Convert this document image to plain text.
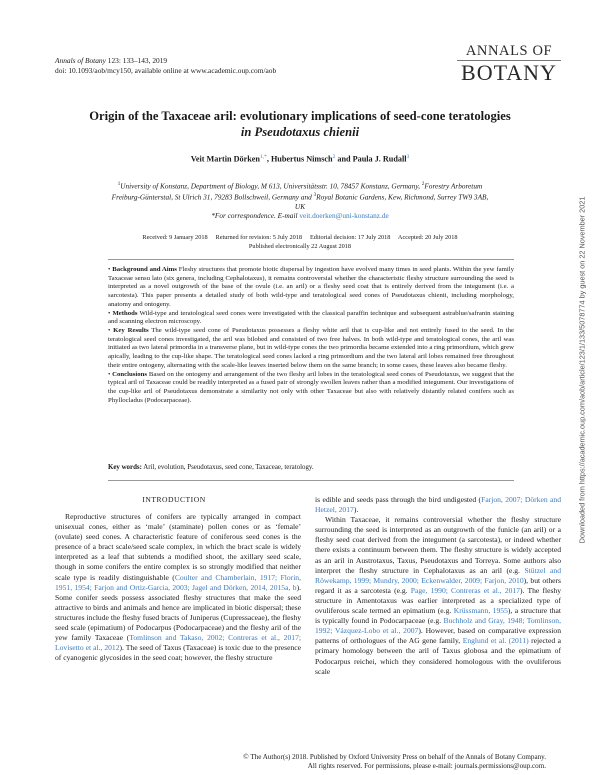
Annals of Botany 123: 133–143, 2019
doi: 10.1093/aob/mcy150, available online at www.academic.oup.com/aob
ANNALS OF
BOTANY
Origin of the Taxaceae aril: evolutionary implications of seed-cone teratologies
in Pseudotaxus chienii
Veit Martin Dörken$^{1,*}$, Hubertus Nimsch$^2$ and Paula J. Rudall$^3$
$^1$University of Konstanz, Department of Biology, M 613, Universitätsstr. 10, 78457 Konstanz, Germany, $^2$Forestry Arboretum
Freiburg-Günterstal, St Ulrich 31, 79283 Bollschweil, Germany and $^3$Royal Botanic Gardens, Kew, Richmond, Surrey TW9 3AB,
UK
*For correspondence. E-mail veit.doerken@uni-konstanz.de
Received: 9 January 2018     Returned for revision: 5 July 2018     Editorial decision: 17 July 2018     Accepted: 20 July 2018
Published electronically 22 August 2018

• Background and Aims Fleshy structures that promote biotic dispersal by ingestion have evolved many times in seed plants. Within the yew family Taxaceae sensu lato (six genera, including Cephalotaxus), it remains controversial whether the characteristic fleshy structure surrounding the seed is interpreted as a novel outgrowth of the base of the ovule (i.e. an aril) or a fleshy seed coat that is entirely derived from the integument (i.e. a sarcotesta). This paper presents a detailed study of both wild-type and teratological seed cones of Pseudotaxus chienii, including morphology, anatomy and ontogeny.

• Methods Wild-type and teratological seed cones were investigated with the classical paraffin technique and subsequent astrablue/safranin staining and scanning electron microscopy.

• Key Results The wild-type seed cone of Pseudotaxus possesses a fleshy white aril that is cup-like and not entirely fused to the seed. In the teratological seed cones investigated, the aril was bilobed and consisted of two free halves. In both wild-type and teratological cones, the aril was initiated as two lateral primordia in a transverse plane, but in wild-type cones the two primordia became extended into a ring primordium, which grew apically, leading to the cup-like shape. The teratological seed cones lacked a ring primordium and the two lateral aril lobes remained free throughout their entire ontogeny, alternating with the scale-like leaves inserted below them on the same branch; in some cases, these leaves also became fleshy.

• Conclusions Based on the ontogeny and arrangement of the two fleshy aril lobes in the teratological seed cones of Pseudotaxus, we suggest that the typical aril of Taxaceae could be readily interpreted as a fused pair of strongly swollen leaves rather than a modified integument. Our investigations of the cup-like aril of Pseudotaxus demonstrate a similarity not only with other Taxaceae but also with relatively distantly related conifers such as Phyllocladus (Podocarpaceae).

Key words: Aril, evolution, Pseudotaxus, seed cone, Taxaceae, teratology.
INTRODUCTION

Reproductive structures of conifers are typically arranged in compact unisexual cones, either as ‘male’ (staminate) pollen cones or as ‘female’ (ovulate) seed cones. A characteristic feature of coniferous seed cones is the presence of a bract scale/seed scale complex, in which the bract scale is widely interpreted as a leaf that subtends a modified shoot, the axillary seed scale, though in some conifers the entire complex is so strongly modified that neither scale type is readily distinguishable (Coulter and Chamberlain, 1917; Florin, 1951, 1954; Farjon and Ortiz-Garcia, 2003; Jagel and Dörken, 2014, 2015a, b). Some conifer seeds possess associated fleshy structures that make the seed attractive to birds and animals and hence are implicated in biotic dispersal; these structures include the fleshy fused bracts of Juniperus (Cupressaceae), the fleshy seed scale (epimatium) of Podocarpus (Podocarpaceae) and the fleshy aril of the yew family Taxaceae (Tomlinson and Takaso, 2002; Contreras et al., 2017; Lovisetto et al., 2012). The seed of Taxus (Taxaceae) is toxic due to the presence of cyanogenic glycosides in the seed coat; however, the fleshy structure

is edible and seeds pass through the bird undigested (Farjon, 2007; Dörken and Hetzel, 2017).

Within Taxaceae, it remains controversial whether the fleshy structure surrounding the seed is interpreted as an outgrowth of the funicle (an aril) or a fleshy seed coat derived from the integument (a sarcotesta), or indeed whether there exists a continuum between them. The fleshy structure is widely accepted as an aril in Austrotaxus, Taxus, Pseudotaxus and Torreya. Some authors also interpret the fleshy structure in Cephalotaxus as an aril (e.g. Stützel and Röwekamp, 1999; Mundry, 2000; Eckenwalder, 2009; Farjon, 2010), but others regard it as a sarcotesta (e.g. Page, 1990; Contreras et al., 2017). The fleshy structure in Amentotaxus was earlier interpreted as a specialized type of ovuliferous scale termed an epimatium (e.g. Krüssmann, 1955), a structure that is typically found in Podocarpaceae (e.g. Buchholz and Gray, 1948; Tomlinson, 1992; Vázquez-Lobo et al., 2007). However, based on comparative expression patterns of orthologues of the AG gene family, Englund et al. (2011) rejected a primary homology between the aril of Taxus globosa and the epimatium of Podocarpus reichei, which they considered homologous with the ovuliferous scale

Downloaded from https://academic.oup.com/aob/article/123/1/133/5078774 by guest on 22 November 2021
© The Author(s) 2018. Published by Oxford University Press on behalf of the Annals of Botany Company.
All rights reserved. For permissions, please e-mail: journals.permissions@oup.com.
